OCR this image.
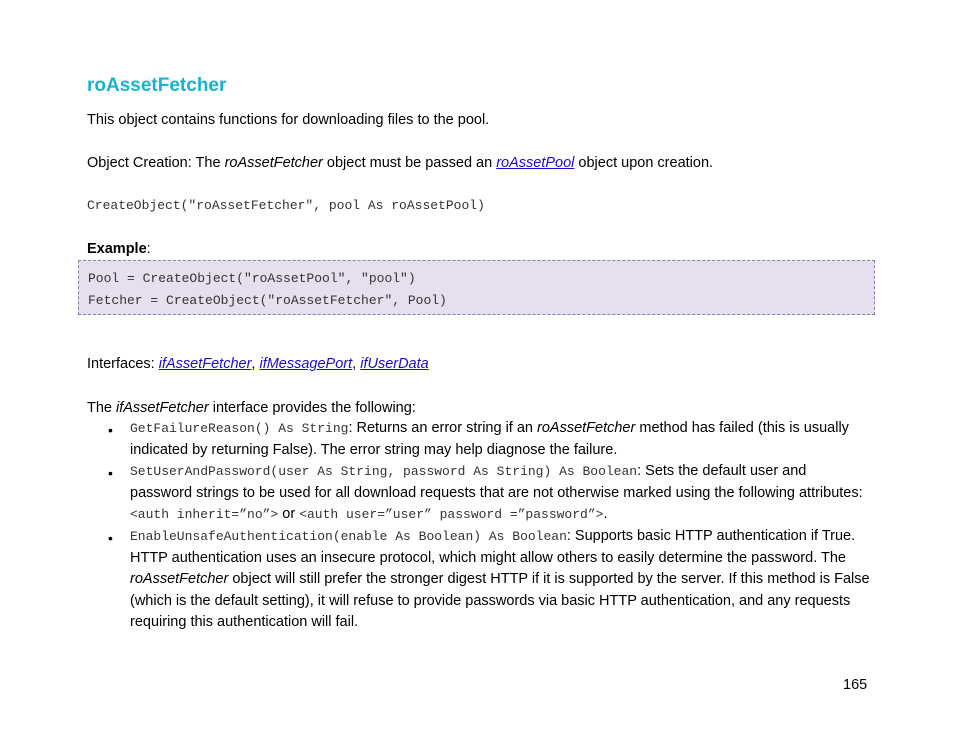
roAssetFetcher
This object contains functions for downloading files to the pool.
Object Creation: The roAssetFetcher object must be passed an roAssetPool object upon creation.
CreateObject("roAssetFetcher", pool As roAssetPool)
Example:
Pool = CreateObject("roAssetPool", "pool")
Fetcher = CreateObject("roAssetFetcher", Pool)
Interfaces: ifAssetFetcher, ifMessagePort, ifUserData
The ifAssetFetcher interface provides the following:
• GetFailureReason() As String: Returns an error string if an roAssetFetcher method has failed (this is usually indicated by returning False). The error string may help diagnose the failure.
• SetUserAndPassword(user As String, password As String) As Boolean: Sets the default user and password strings to be used for all download requests that are not otherwise marked using the following attributes:
<auth inherit=”no”> or <auth user=”user” password =”password”>.
• EnableUnsafeAuthentication(enable As Boolean) As Boolean: Supports basic HTTP authentication if True. HTTP authentication uses an insecure protocol, which might allow others to easily determine the password. The roAssetFetcher object will still prefer the stronger digest HTTP if it is supported by the server. If this method is False (which is the default setting), it will refuse to provide passwords via basic HTTP authentication, and any requests requiring this authentication will fail.
165
